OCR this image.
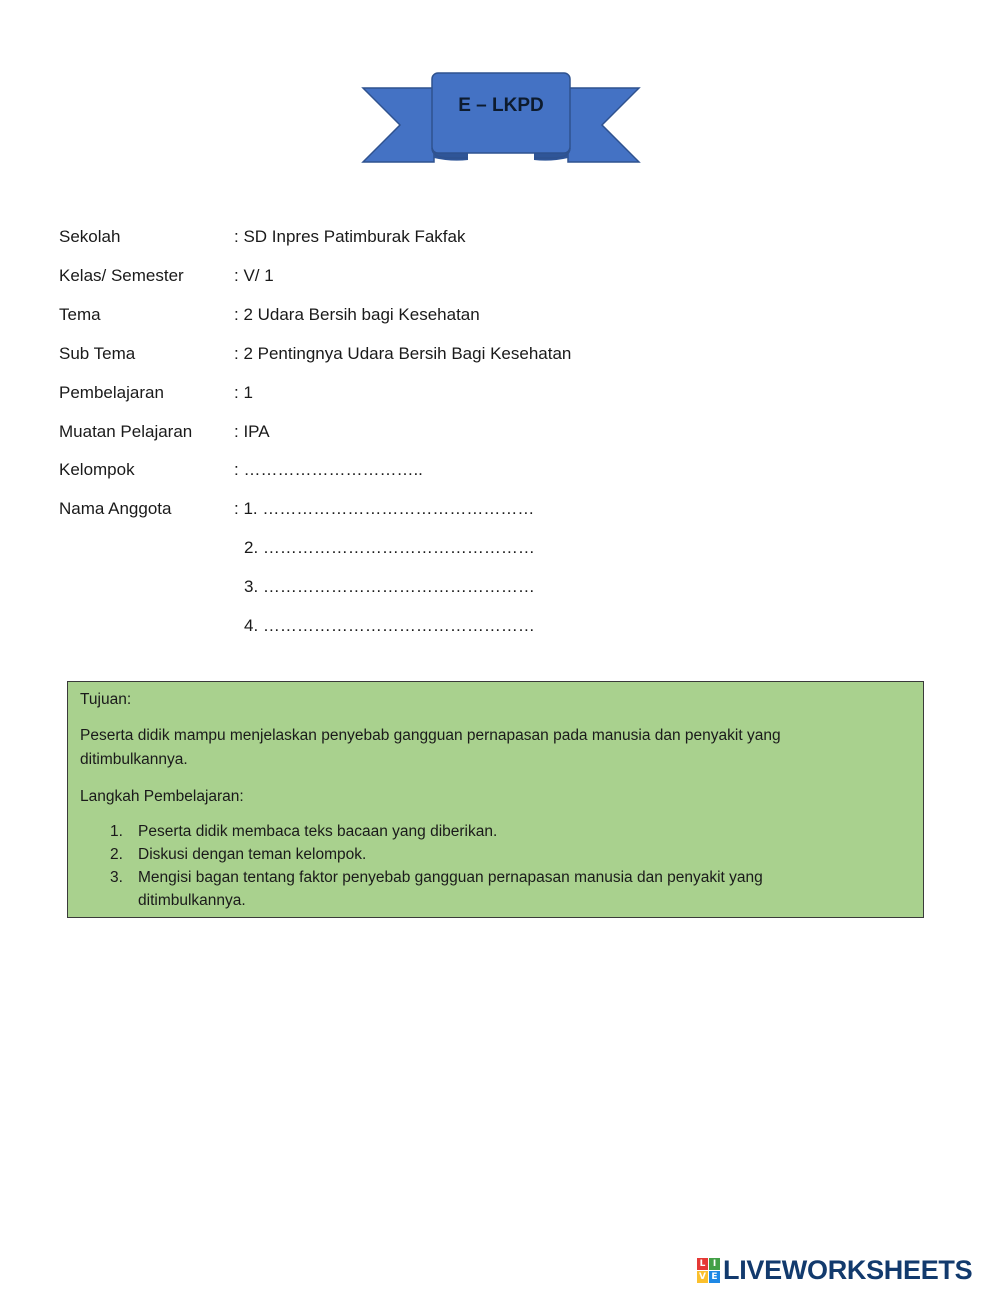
E – LKPD
Sekolah	: SD Inpres Patimburak Fakfak
Kelas/ Semester	: V/ 1
Tema	: 2 Udara Bersih bagi Kesehatan
Sub Tema	: 2 Pentingnya Udara Bersih Bagi Kesehatan
Pembelajaran	: 1
Muatan Pelajaran : IPA
Kelompok	: …………………………..
Nama Anggota	: 1. …………………………………………
2. …………………………………………
3. …………………………………………
4. …………………………………………
Tujuan:
Peserta didik mampu menjelaskan penyebab gangguan pernapasan pada manusia dan penyakit yang
ditimbulkannya.
Langkah Pembelajaran:
1. Peserta didik membaca teks bacaan yang diberikan.
2. Diskusi dengan teman kelompok.
3. Mengisi bagan tentang faktor penyebab gangguan pernapasan manusia dan penyakit yang
ditimbulkannya.
L I
V E LIVEWORKSHEETS
